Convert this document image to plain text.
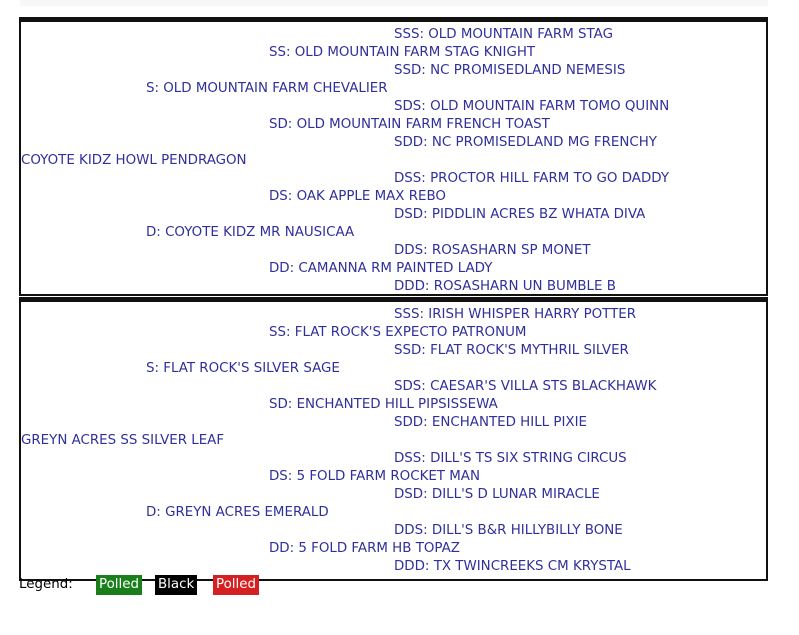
SSS: OLD MOUNTAIN FARM STAG
SS: OLD MOUNTAIN FARM STAG KNIGHT
SSD: NC PROMISEDLAND NEMESIS
S: OLD MOUNTAIN FARM CHEVALIER
SDS: OLD MOUNTAIN FARM TOMO QUINN
SD: OLD MOUNTAIN FARM FRENCH TOAST
SDD: NC PROMISEDLAND MG FRENCHY
COYOTE KIDZ HOWL PENDRAGON
DSS: PROCTOR HILL FARM TO GO DADDY
DS: OAK APPLE MAX REBO
DSD: PIDDLIN ACRES BZ WHATA DIVA
D: COYOTE KIDZ MR NAUSICAA
DDS: ROSASHARN SP MONET
DD: CAMANNA RM PAINTED LADY
DDD: ROSASHARN UN BUMBLE B
SSS: IRISH WHISPER HARRY POTTER
SS: FLAT ROCK'S EXPECTO PATRONUM
SSD: FLAT ROCK'S MYTHRIL SILVER
S: FLAT ROCK'S SILVER SAGE
SDS: CAESAR'S VILLA STS BLACKHAWK
SD: ENCHANTED HILL PIPSISSEWA
SDD: ENCHANTED HILL PIXIE
GREYN ACRES SS SILVER LEAF
DSS: DILL'S TS SIX STRING CIRCUS
DS: 5 FOLD FARM ROCKET MAN
DSD: DILL'S D LUNAR MIRACLE
D: GREYN ACRES EMERALD
DDS: DILL'S B&R HILLYBILLY BONE
DD: 5 FOLD FARM HB TOPAZ
DDD: TX TWINCREEKS CM KRYSTAL
Legend: Polled Black Polled and Black
